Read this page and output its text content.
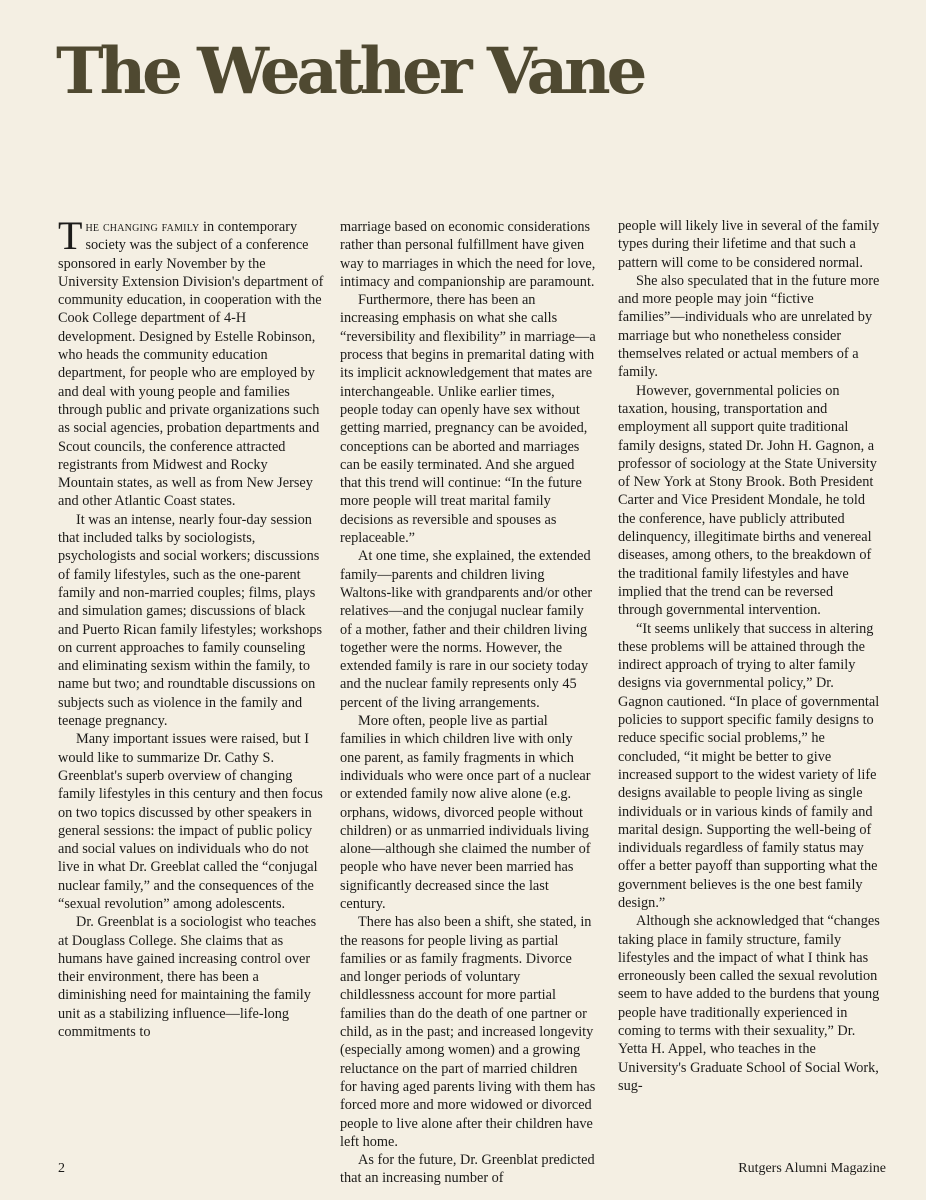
The Weather Vane

The changing family in contemporary society was the subject of a conference sponsored in early November by the University Extension Division's department of community education, in cooperation with the Cook College department of 4-H development. Designed by Estelle Robinson, who heads the community education department, for people who are employed by and deal with young people and families through public and private organizations such as social agencies, probation departments and Scout councils, the conference attracted registrants from Midwest and Rocky Mountain states, as well as from New Jersey and other Atlantic Coast states.

It was an intense, nearly four-day session that included talks by sociologists, psychologists and social workers; discussions of family lifestyles, such as the one-parent family and non-married couples; films, plays and simulation games; discussions of black and Puerto Rican family lifestyles; workshops on current approaches to family counseling and eliminating sexism within the family, to name but two; and roundtable discussions on subjects such as violence in the family and teenage pregnancy.

Many important issues were raised, but I would like to summarize Dr. Cathy S. Greenblat's superb overview of changing family lifestyles in this century and then focus on two topics discussed by other speakers in general sessions: the impact of public policy and social values on individuals who do not live in what Dr. Greeblat called the “conjugal nuclear family,” and the consequences of the “sexual revolution” among adolescents.

Dr. Greenblat is a sociologist who teaches at Douglass College. She claims that as humans have gained increasing control over their environment, there has been a diminishing need for maintaining the family unit as a stabilizing influence—life-long commitments to

marriage based on economic considerations rather than personal fulfillment have given way to marriages in which the need for love, intimacy and companionship are paramount.

Furthermore, there has been an increasing emphasis on what she calls “reversibility and flexibility” in marriage—a process that begins in premarital dating with its implicit acknowledgement that mates are interchangeable. Unlike earlier times, people today can openly have sex without getting married, pregnancy can be avoided, conceptions can be aborted and marriages can be easily terminated. And she argued that this trend will continue: “In the future more people will treat marital family decisions as reversible and spouses as replaceable.”

At one time, she explained, the extended family—parents and children living Waltons-like with grandparents and/or other relatives—and the conjugal nuclear family of a mother, father and their children living together were the norms. However, the extended family is rare in our society today and the nuclear family represents only 45 percent of the living arrangements.

More often, people live as partial families in which children live with only one parent, as family fragments in which individuals who were once part of a nuclear or extended family now alive alone (e.g. orphans, widows, divorced people without children) or as unmarried individuals living alone—although she claimed the number of people who have never been married has significantly decreased since the last century.

There has also been a shift, she stated, in the reasons for people living as partial families or as family fragments. Divorce and longer periods of voluntary childlessness account for more partial families than do the death of one partner or child, as in the past; and increased longevity (especially among women) and a growing reluctance on the part of married children for having aged parents living with them has forced more and more widowed or divorced people to live alone after their children have left home.

As for the future, Dr. Greenblat predicted that an increasing number of

people will likely live in several of the family types during their lifetime and that such a pattern will come to be considered normal.

She also speculated that in the future more and more people may join “fictive families”—individuals who are unrelated by marriage but who nonetheless consider themselves related or actual members of a family.

However, governmental policies on taxation, housing, transportation and employment all support quite traditional family designs, stated Dr. John H. Gagnon, a professor of sociology at the State University of New York at Stony Brook. Both President Carter and Vice President Mondale, he told the conference, have publicly attributed delinquency, illegitimate births and venereal diseases, among others, to the breakdown of the traditional family lifestyles and have implied that the trend can be reversed through governmental intervention.

“It seems unlikely that success in altering these problems will be attained through the indirect approach of trying to alter family designs via governmental policy,” Dr. Gagnon cautioned. “In place of governmental policies to support specific family designs to reduce specific social problems,” he concluded, “it might be better to give increased support to the widest variety of life designs available to people living as single individuals or in various kinds of family and marital design. Supporting the well-being of individuals regardless of family status may offer a better payoff than supporting what the government believes is the one best family design.”

Although she acknowledged that “changes taking place in family structure, family lifestyles and the impact of what I think has erroneously been called the sexual revolution seem to have added to the burdens that young people have traditionally experienced in coming to terms with their sexuality,” Dr. Yetta H. Appel, who teaches in the University's Graduate School of Social Work, sug-

2	Rutgers Alumni Magazine
